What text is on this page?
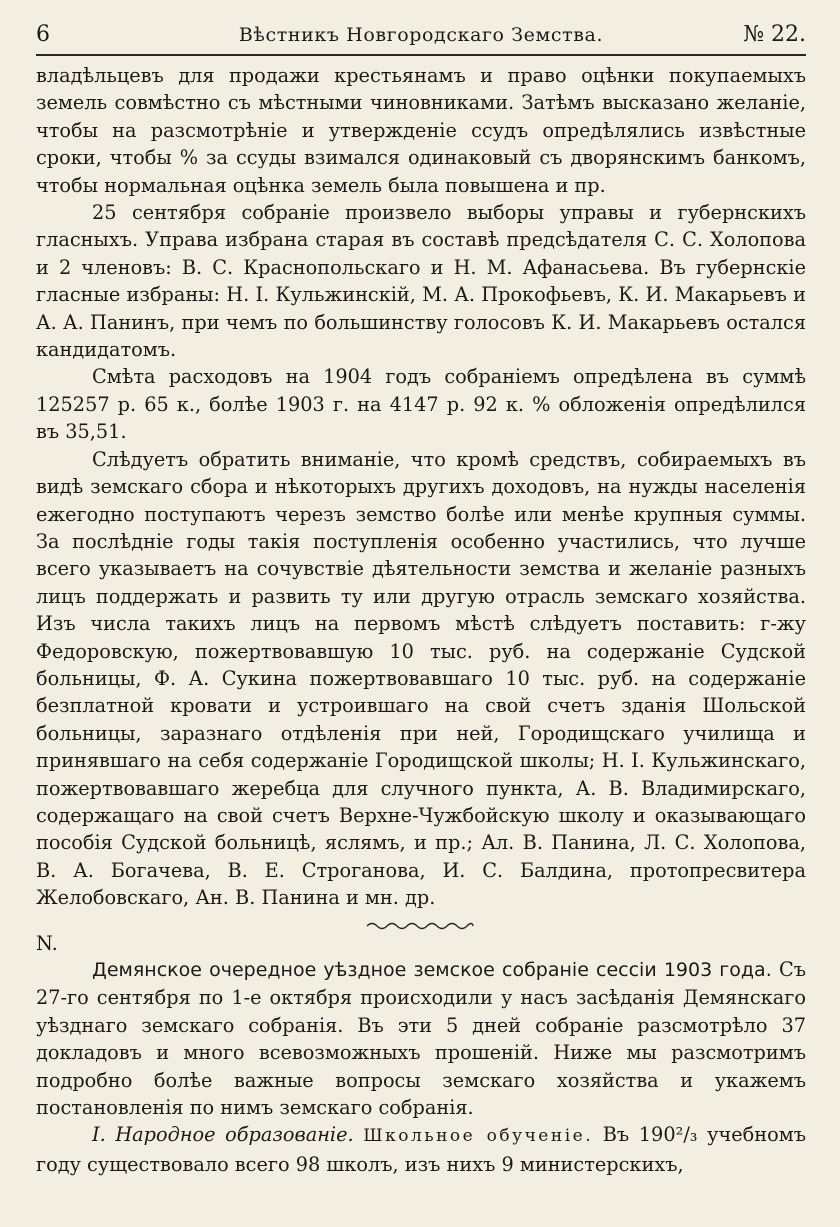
6	Вѣстникъ Новгородскаго Земства.	№ 22.

владѣльцевъ для продажи крестьянамъ и право оцѣнки покупаемыхъ земель совмѣстно съ мѣстными чиновниками. Затѣмъ высказано желаніе, чтобы на разсмотрѣніе и утвержденіе ссудъ опредѣлялись извѣстные сроки, чтобы % за ссуды взимался одинаковый съ дворянскимъ банкомъ, чтобы нормальная оцѣнка земель была повышена и пр.

25 сентября собраніе произвело выборы управы и губернскихъ гласныхъ. Управа избрана старая въ составѣ предсѣдателя С. С. Холопова и 2 членовъ: В. С. Краснопольскаго и Н. М. Афанасьева. Въ губернскіе гласные избраны: Н. І. Кульжинскій, М. А. Прокофьевъ, К. И. Макарьевъ и А. А. Панинъ, при чемъ по большинству голосовъ К. И. Макарьевъ остался кандидатомъ.

Смѣта расходовъ на 1904 годъ собраніемъ опредѣлена въ суммѣ 125257 р. 65 к., болѣе 1903 г. на 4147 р. 92 к. % обложенія опредѣлился въ 35,51.

Слѣдуетъ обратить вниманіе, что кромѣ средствъ, собираемыхъ въ видѣ земскаго сбора и нѣкоторыхъ другихъ доходовъ, на нужды населенія ежегодно поступаютъ черезъ земство болѣе или менѣе крупныя суммы. За послѣдніе годы такія поступленія особенно участились, что лучше всего указываетъ на сочувствіе дѣятельности земства и желаніе разныхъ лицъ поддержать и развить ту или другую отрасль земскаго хозяйства. Изъ числа такихъ лицъ на первомъ мѣстѣ слѣдуетъ поставить: г-жу Федоровскую, пожертвовавшую 10 тыс. руб. на содержаніе Судской больницы, Ф. А. Сукина пожертвовавшаго 10 тыс. руб. на содержаніе безплатной кровати и устроившаго на свой счетъ зданія Шольской больницы, заразнаго отдѣленія при ней, Городищскаго училища и принявшаго на себя содержаніе Городищской школы; Н. І. Кульжинскаго, пожертвовавшаго жеребца для случного пункта, А. В. Владимирскаго, содержащаго на свой счетъ Верхне-Чужбойскую школу и оказывающаго пособія Судской больницѣ, яслямъ, и пр.; Ал. В. Панина, Л. С. Холопова, В. А. Богачева, В. Е. Строганова, И. С. Балдина, протопресвитера Желобовскаго, Ан. В. Панина и мн. др.

N.

Демянское очередное уѣздное земское собраніе сессіи 1903 года. Съ 27-го сентября по 1-е октября происходили у насъ засѣданія Демянскаго уѣзднаго земскаго собранія. Въ эти 5 дней собраніе разсмотрѣло 37 докладовъ и много всевозможныхъ прошеній. Ниже мы разсмотримъ подробно болѣе важные вопросы земскаго хозяйства и укажемъ постановленія по нимъ земскаго собранія.

I. Народное образованіе. Школьное обученіе. Въ 190²/₃ учебномъ году существовало всего 98 школъ, изъ нихъ 9 министерскихъ,
